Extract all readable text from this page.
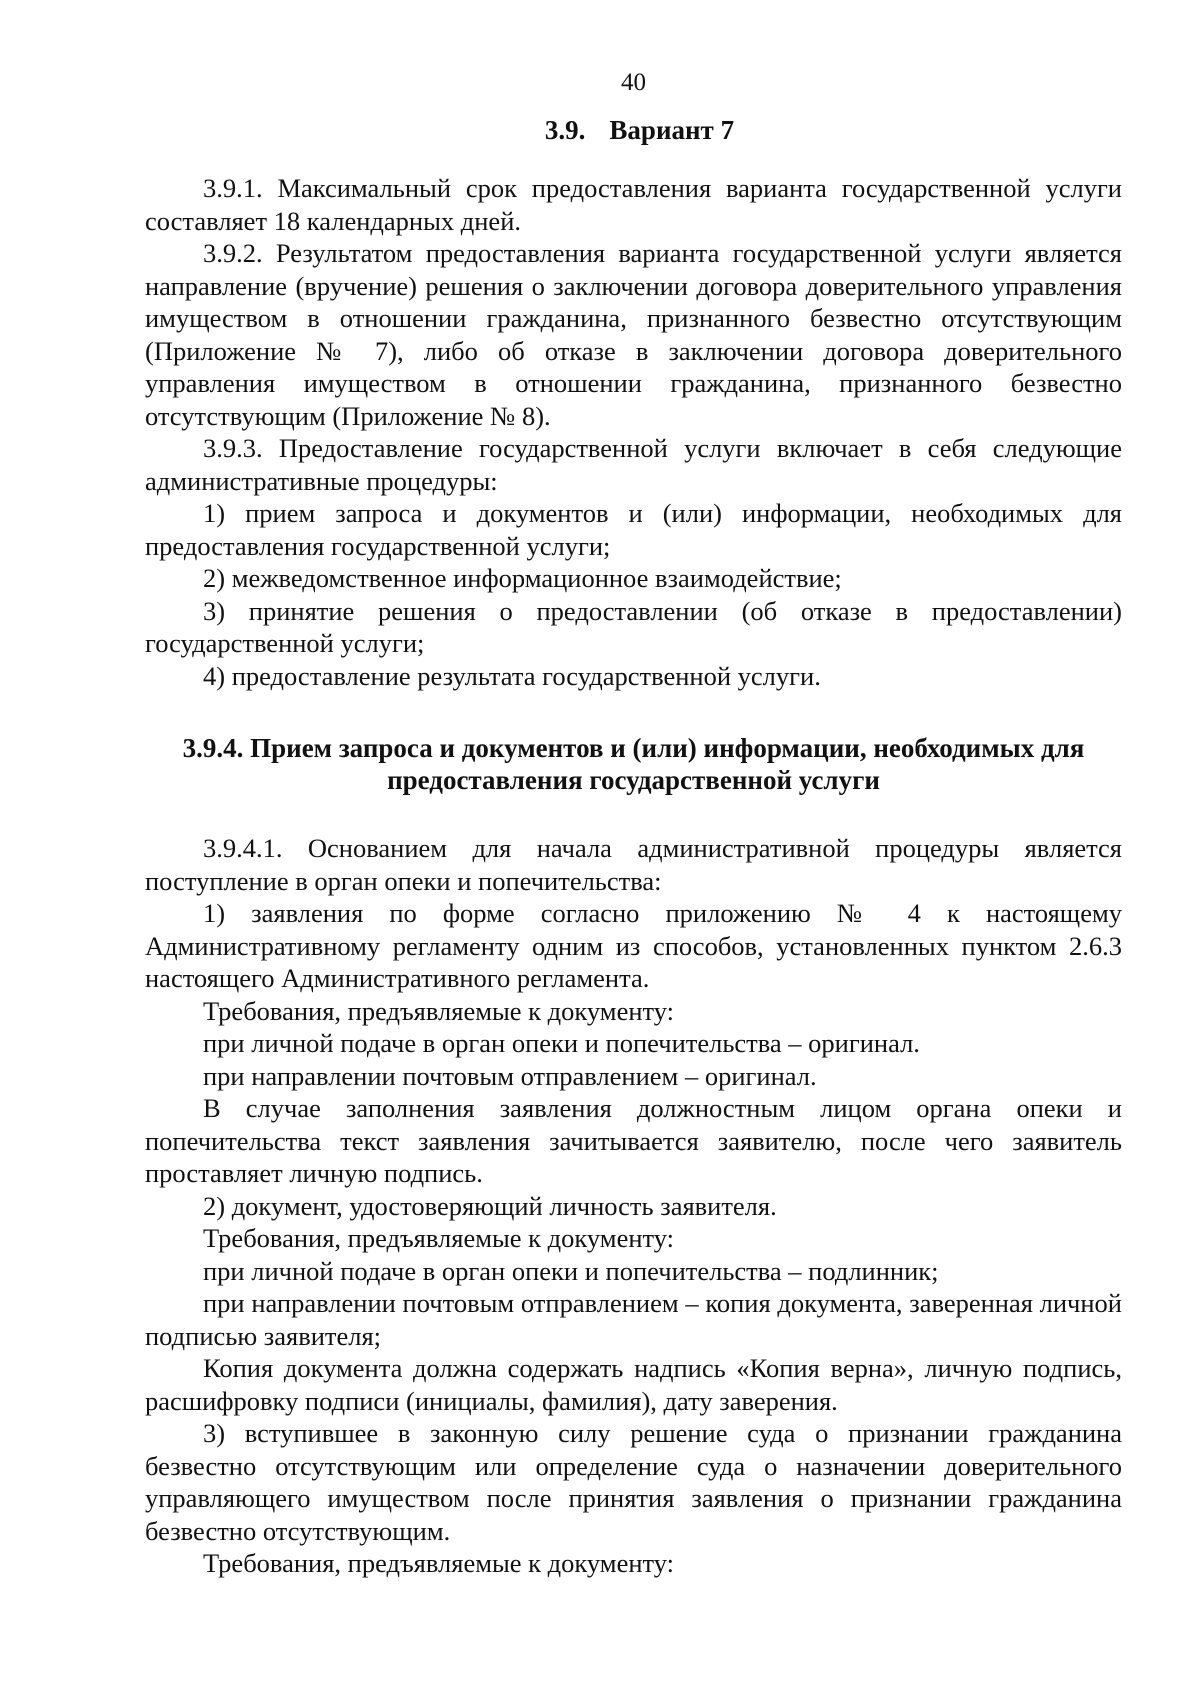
40
3.9. Вариант 7

3.9.1. Максимальный срок предоставления варианта государственной услуги составляет 18 календарных дней.

3.9.2. Результатом предоставления варианта государственной услуги является направление (вручение) решения о заключении договора доверительного управления имуществом в отношении гражданина, признанного безвестно отсутствующим (Приложение № 7), либо об отказе в заключении договора доверительного управления имуществом в отношении гражданина, признанного безвестно отсутствующим (Приложение № 8).

3.9.3. Предоставление государственной услуги включает в себя следующие административные процедуры:

1) прием запроса и документов и (или) информации, необходимых для предоставления государственной услуги;

2) межведомственное информационное взаимодействие;

3) принятие решения о предоставлении (об отказе в предоставлении) государственной услуги;

4) предоставление результата государственной услуги.

3.9.4. Прием запроса и документов и (или) информации, необходимых для предоставления государственной услуги

3.9.4.1. Основанием для начала административной процедуры является поступление в орган опеки и попечительства:

1) заявления по форме согласно приложению № 4 к настоящему Административному регламенту одним из способов, установленных пунктом 2.6.3 настоящего Административного регламента.

Требования, предъявляемые к документу:

при личной подаче в орган опеки и попечительства – оригинал.

при направлении почтовым отправлением – оригинал.

В случае заполнения заявления должностным лицом органа опеки и попечительства текст заявления зачитывается заявителю, после чего заявитель проставляет личную подпись.

2) документ, удостоверяющий личность заявителя.

Требования, предъявляемые к документу:

при личной подаче в орган опеки и попечительства – подлинник;

при направлении почтовым отправлением – копия документа, заверенная личной подписью заявителя;

Копия документа должна содержать надпись «Копия верна», личную подпись, расшифровку подписи (инициалы, фамилия), дату заверения.

3) вступившее в законную силу решение суда о признании гражданина безвестно отсутствующим или определение суда о назначении доверительного управляющего имуществом после принятия заявления о признании гражданина безвестно отсутствующим.

Требования, предъявляемые к документу:
